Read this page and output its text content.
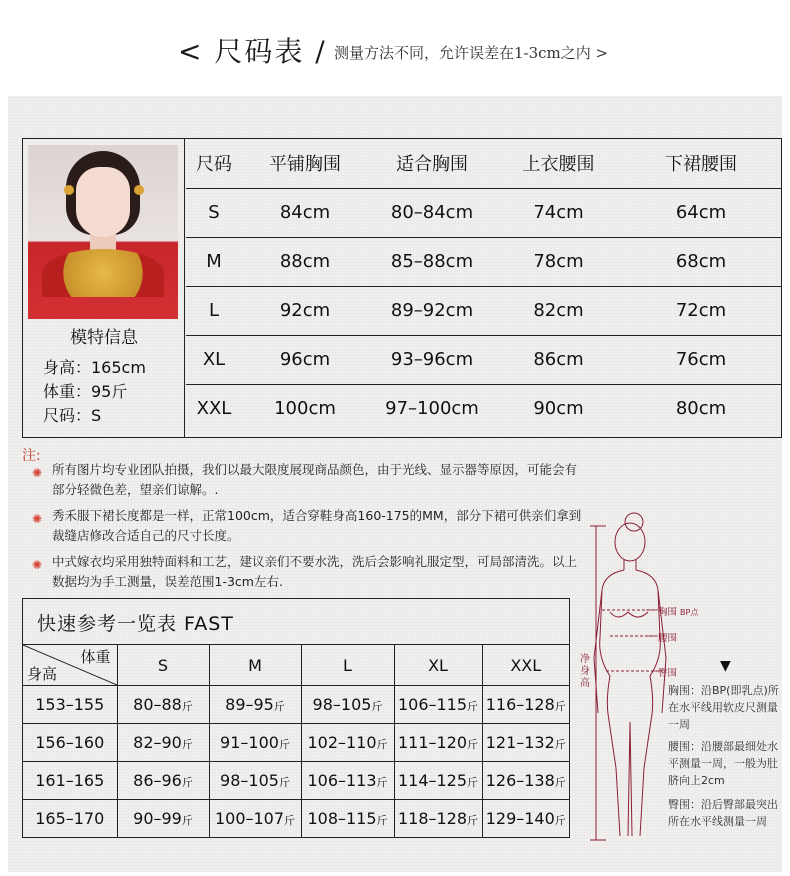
< 尺码表 / 测量方法不同，允许误差在1-3cm之内 >
模特信息
身高：165cm
体重：95斤
尺码：S
尺码	平铺胸围	适合胸围	上衣腰围	下裙腰围
S	84cm	80–84cm	74cm	64cm
M	88cm	85–88cm	78cm	68cm
L	92cm	89–92cm	82cm	72cm
XL	96cm	93–96cm	86cm	76cm
XXL	100cm	97–100cm	90cm	80cm
注:
✺ 所有图片均专业团队拍摄，我们以最大限度展现商品颜色，由于光线、显示器等原因，可能会有部分轻微色差，望亲们谅解。.
✺ 秀禾服下裙长度都是一样，正常100cm，适合穿鞋身高160-175的MM，部分下裙可供亲们拿到裁缝店修改合适自己的尺寸长度。
✺ 中式嫁衣均采用独特面料和工艺，建议亲们不要水洗，洗后会影响礼服定型，可局部清洗。以上数据均为手工测量，误差范围1-3cm左右.
快速参考一览表 FAST
体重
身高	S	M	L	XL	XXL
153–155	80–88斤	89–95斤	98–105斤	106–115斤	116–128斤
156–160	82–90斤	91–100斤	102–110斤	111–120斤	121–132斤
161–165	86–96斤	98–105斤	106–113斤	114–125斤	126–138斤
165–170	90–99斤	100–107斤	108–115斤	118–128斤	129–140斤
胸围 BP点
腰围
臀围
净身高
▼
胸围：沿BP(即乳点)所在水平线用软皮尺测量一周
腰围：沿腰部最细处水平测量一周，一般为肚脐向上2cm
臀围：沿后臀部最突出所在水平线测量一周
